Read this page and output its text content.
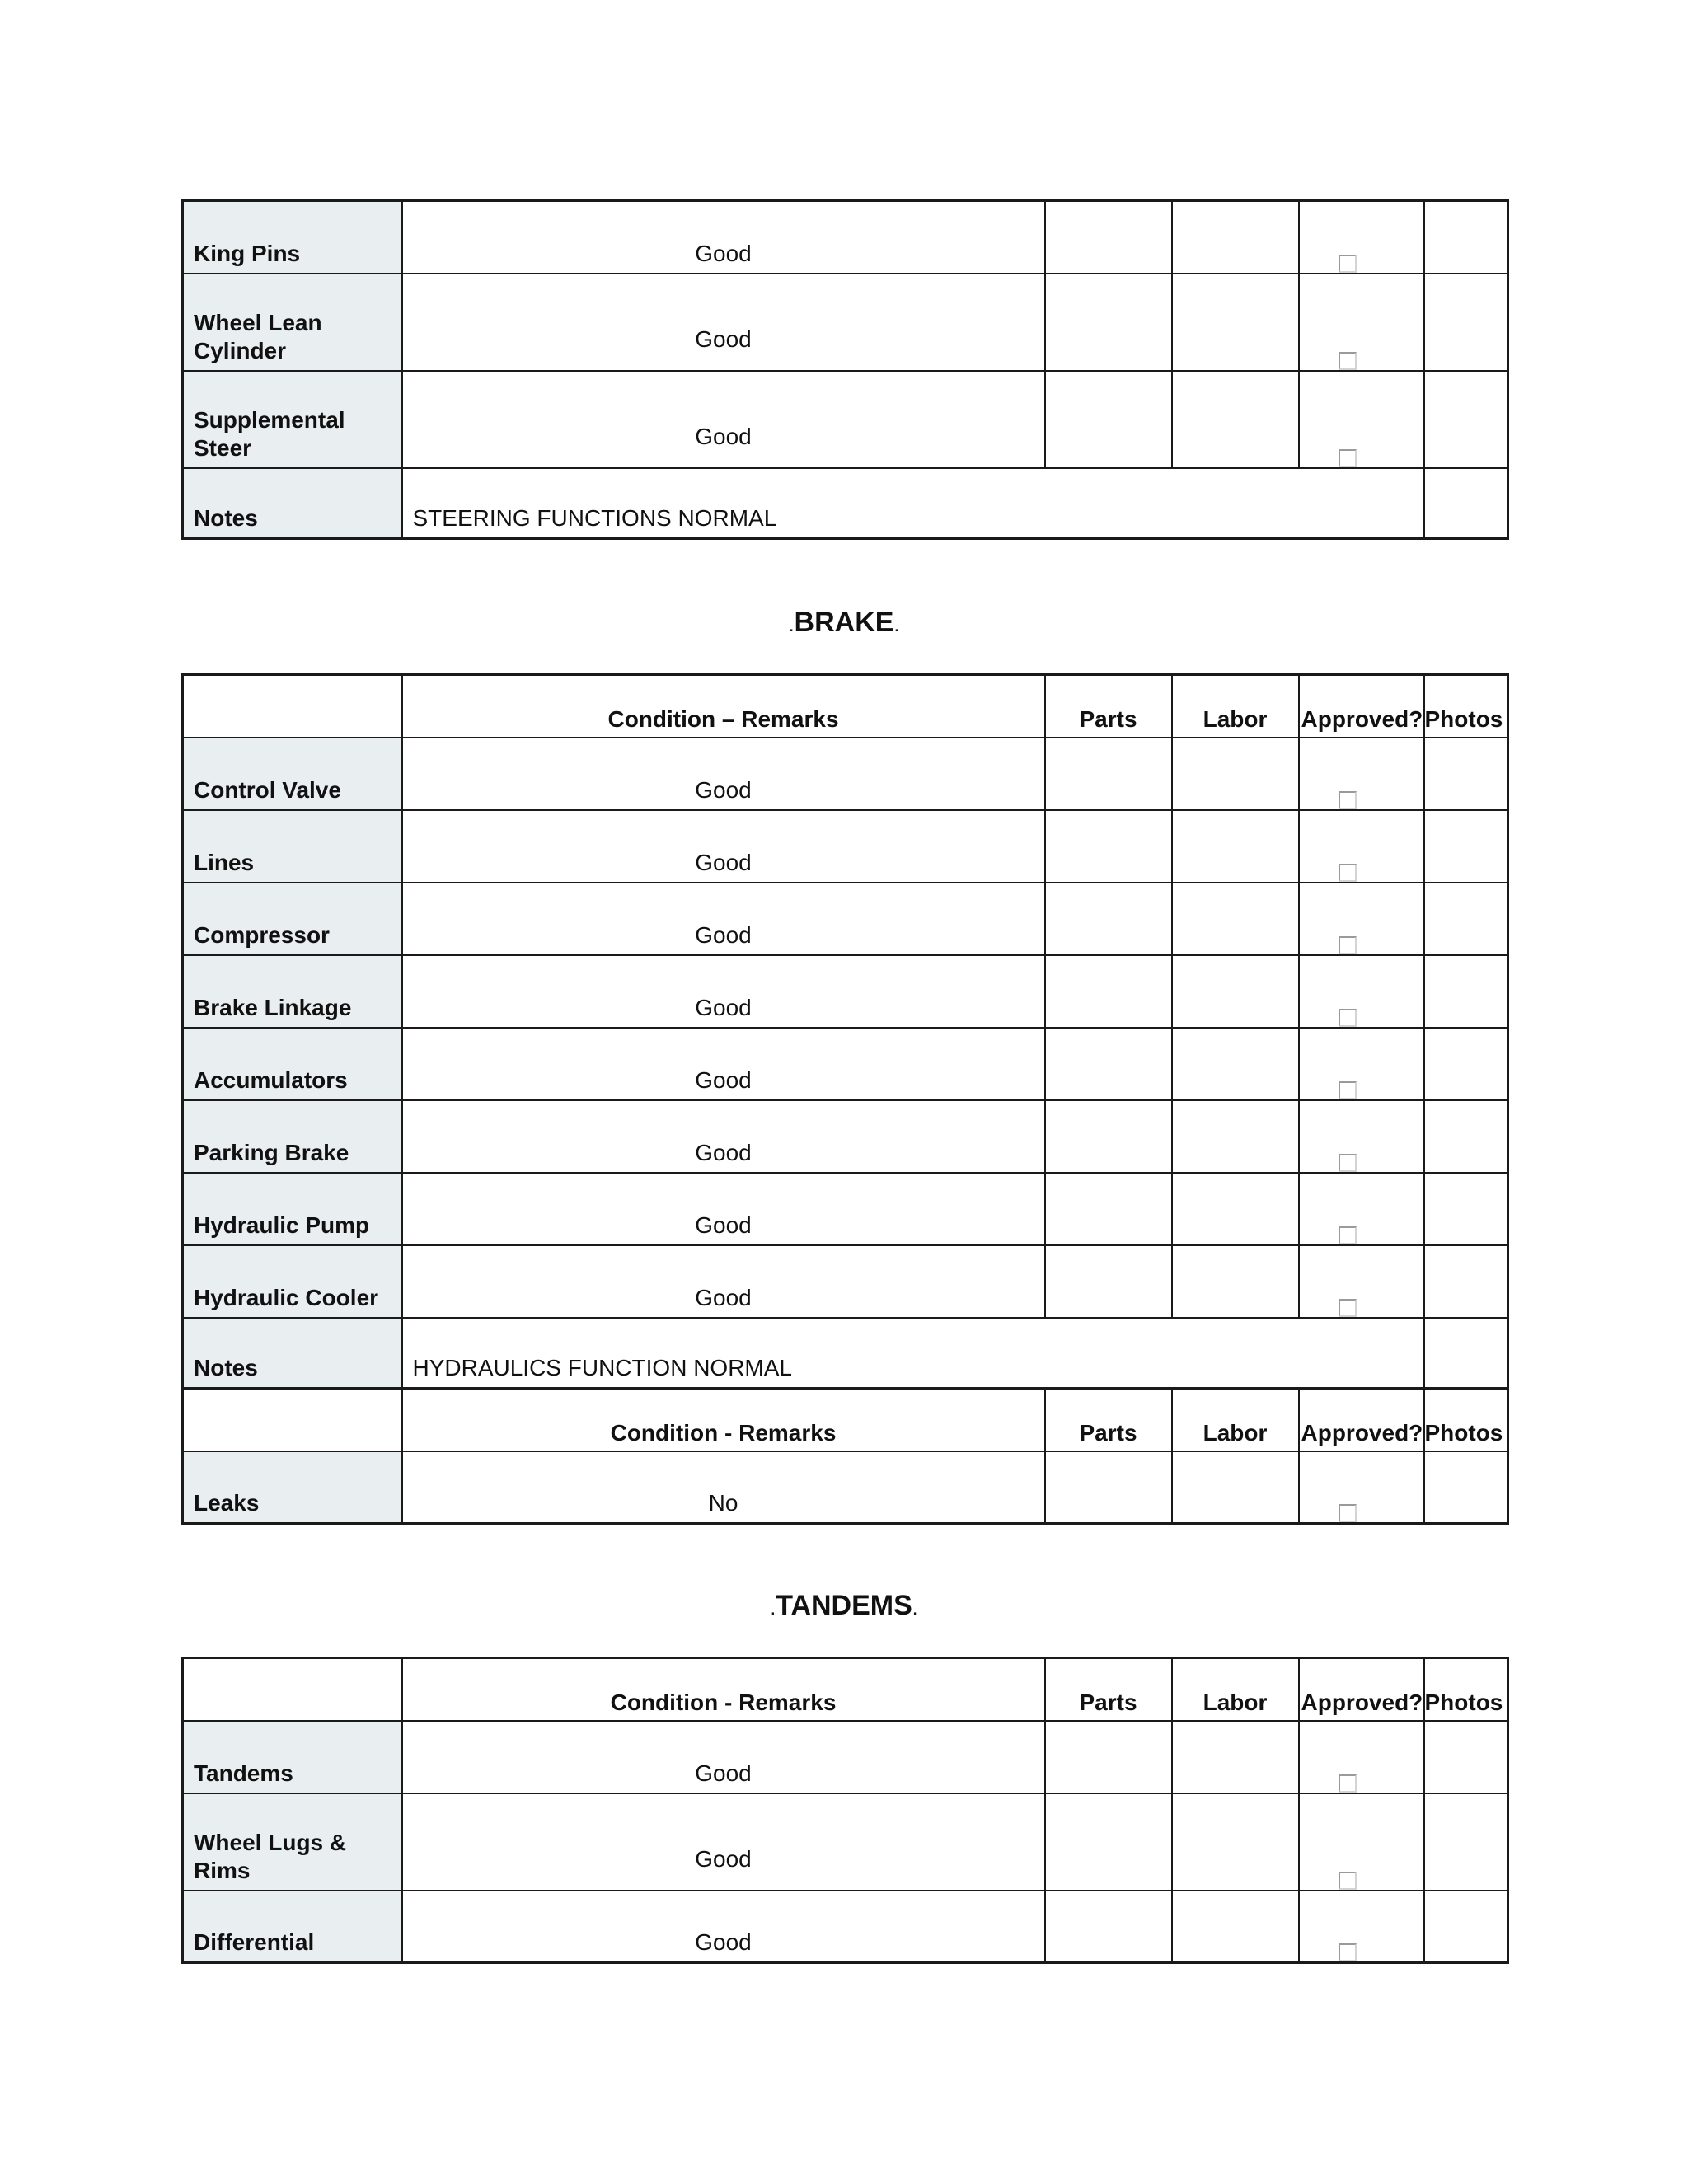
King Pins	Good			

Wheel Lean Cylinder	Good			

Supplemental Steer	Good			

Notes	STEERING FUNCTIONS NORMAL				
.BRAKE.
	Condition – Remarks	Parts	Labor	Approved?	Photos
Control Valve	Good			

Lines	Good			

Compressor	Good			

Brake Linkage	Good			

Accumulators	Good			

Parking Brake	Good			

Hydraulic Pump	Good			

Hydraulic Cooler	Good			

Notes	HYDRAULICS FUNCTION NORMAL				
	Condition - Remarks	Parts	Labor	Approved?	Photos
Leaks	No			

.TANDEMS.
	Condition - Remarks	Parts	Labor	Approved?	Photos
Tandems	Good			

Wheel Lugs & Rims	Good			

Differential	Good			
